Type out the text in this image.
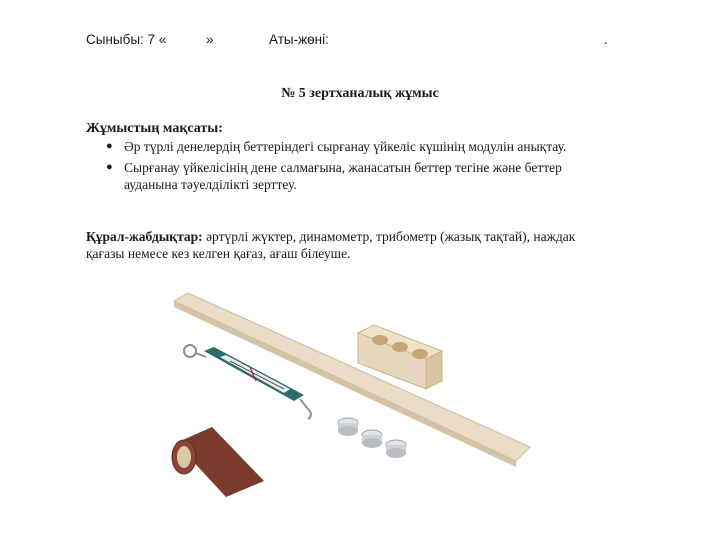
Сыныбы: 7 «	»	Аты-жөні:	.
№ 5 зертханалық жұмыс
Жұмыстың мақсаты:
● Әр түрлі денелердің беттеріндегі сырғанау үйкеліс күшінің модулін анықтау.
● Сырғанау үйкелісінің дене салмағына, жанасатын беттер тегіне және беттер ауданына тәуелділікті зерттеу.
Құрал-жабдықтар: әртүрлі жүктер, динамометр, трибометр (жазық тақтай), наждак қағазы немесе кез келген қағаз, ағаш білеуше.
